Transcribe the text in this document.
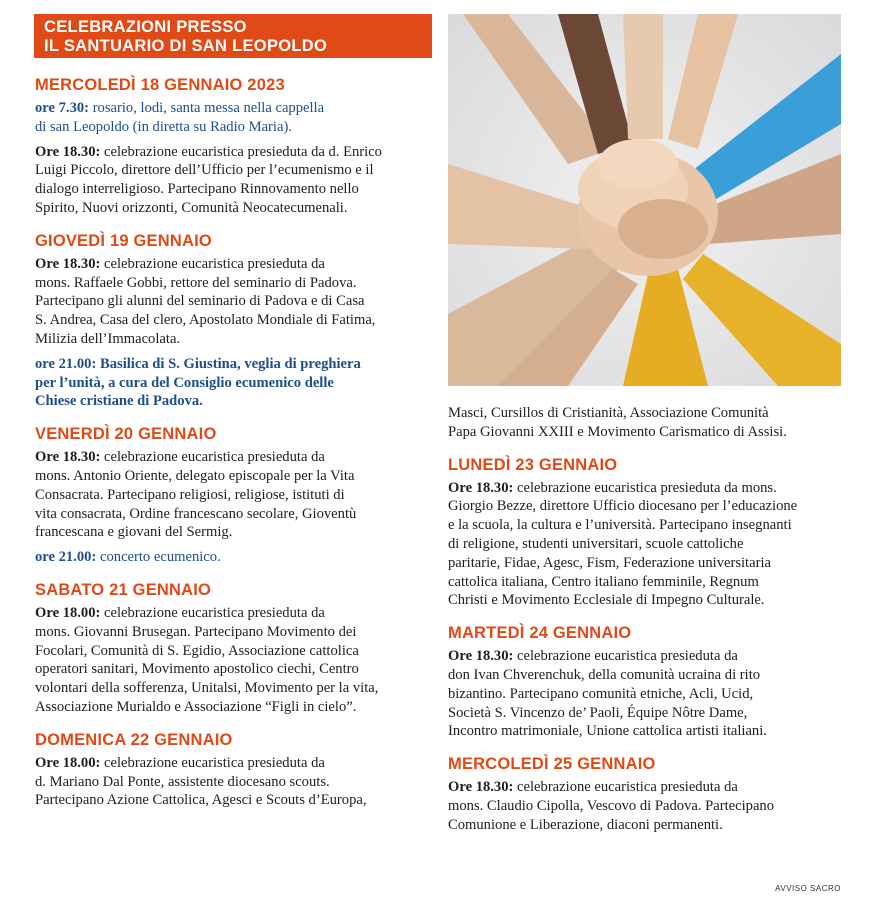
CELEBRAZIONI PRESSO
IL SANTUARIO DI SAN LEOPOLDO
MERCOLEDÌ 18 GENNAIO 2023
ore 7.30: rosario, lodi, santa messa nella cappella
di san Leopoldo (in diretta su Radio Maria).
Ore 18.30: celebrazione eucaristica presieduta da d. Enrico
Luigi Piccolo, direttore dell’Ufficio per l’ecumenismo e il
dialogo interreligioso. Partecipano Rinnovamento nello
Spirito, Nuovi orizzonti, Comunità Neocatecumenali.
GIOVEDÌ 19 GENNAIO
Ore 18.30: celebrazione eucaristica presieduta da
mons. Raffaele Gobbi, rettore del seminario di Padova.
Partecipano gli alunni del seminario di Padova e di Casa
S. Andrea, Casa del clero, Apostolato Mondiale di Fatima,
Milizia dell’Immacolata.
ore 21.00: Basilica di S. Giustina, veglia di preghiera
per l’unità, a cura del Consiglio ecumenico delle
Chiese cristiane di Padova.
VENERDÌ 20 GENNAIO
Ore 18.30: celebrazione eucaristica presieduta da
mons. Antonio Oriente, delegato episcopale per la Vita
Consacrata. Partecipano religiosi, religiose, istituti di
vita consacrata, Ordine francescano secolare, Gioventù
francescana e giovani del Sermig.
ore 21.00: concerto ecumenico.
SABATO 21 GENNAIO
Ore 18.00: celebrazione eucaristica presieduta da
mons. Giovanni Brusegan. Partecipano Movimento dei
Focolari, Comunità di S. Egidio, Associazione cattolica
operatori sanitari, Movimento apostolico ciechi, Centro
volontari della sofferenza, Unitalsi, Movimento per la vita,
Associazione Murialdo e Associazione “Figli in cielo”.
DOMENICA 22 GENNAIO
Ore 18.00: celebrazione eucaristica presieduta da
d. Mariano Dal Ponte, assistente diocesano scouts.
Partecipano Azione Cattolica, Agesci e Scouts d’Europa,
Masci, Cursillos di Cristianità, Associazione Comunità
Papa Giovanni XXIII e Movimento Carismatico di Assisi.
LUNEDÌ 23 GENNAIO
Ore 18.30: celebrazione eucaristica presieduta da mons.
Giorgio Bezze, direttore Ufficio diocesano per l’educazione
e la scuola, la cultura e l’università. Partecipano insegnanti
di religione, studenti universitari, scuole cattoliche
paritarie, Fidae, Agesc, Fism, Federazione universitaria
cattolica italiana, Centro italiano femminile, Regnum
Christi e Movimento Ecclesiale di Impegno Culturale.
MARTEDÌ 24 GENNAIO
Ore 18.30: celebrazione eucaristica presieduta da
don Ivan Chverenchuk, della comunità ucraina di rito
bizantino. Partecipano comunità etniche, Acli, Ucid,
Società S. Vincenzo de’ Paoli, Équipe Nôtre Dame,
Incontro matrimoniale, Unione cattolica artisti italiani.
MERCOLEDÌ 25 GENNAIO
Ore 18.30: celebrazione eucaristica presieduta da
mons. Claudio Cipolla, Vescovo di Padova. Partecipano
Comunione e Liberazione, diaconi permanenti.
AVVISO SACRO
